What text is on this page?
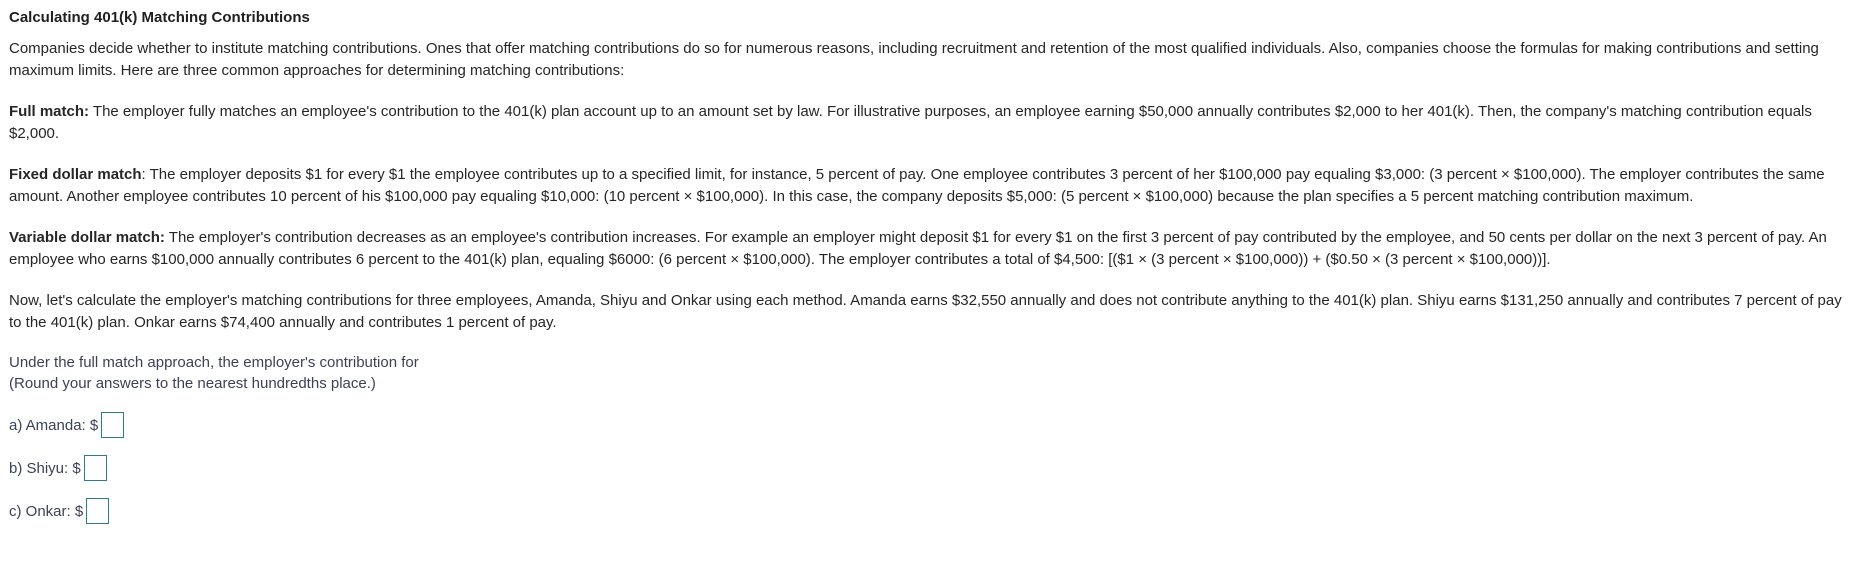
Calculating 401(k) Matching Contributions

Companies decide whether to institute matching contributions. Ones that offer matching contributions do so for numerous reasons, including recruitment and retention of the most qualified individuals. Also, companies choose the formulas for making contributions and setting maximum limits. Here are three common approaches for determining matching contributions:

Full match: The employer fully matches an employee's contribution to the 401(k) plan account up to an amount set by law. For illustrative purposes, an employee earning $50,000 annually contributes $2,000 to her 401(k). Then, the company's matching contribution equals $2,000.

Fixed dollar match: The employer deposits $1 for every $1 the employee contributes up to a specified limit, for instance, 5 percent of pay. One employee contributes 3 percent of her $100,000 pay equaling $3,000: (3 percent × $100,000). The employer contributes the same amount. Another employee contributes 10 percent of his $100,000 pay equaling $10,000: (10 percent × $100,000). In this case, the company deposits $5,000: (5 percent × $100,000) because the plan specifies a 5 percent matching contribution maximum.

Variable dollar match: The employer's contribution decreases as an employee's contribution increases. For example an employer might deposit $1 for every $1 on the first 3 percent of pay contributed by the employee, and 50 cents per dollar on the next 3 percent of pay. An employee who earns $100,000 annually contributes 6 percent to the 401(k) plan, equaling $6000: (6 percent × $100,000). The employer contributes a total of $4,500: [($1 × (3 percent × $100,000)) + ($0.50 × (3 percent × $100,000))].

Now, let's calculate the employer's matching contributions for three employees, Amanda, Shiyu and Onkar using each method. Amanda earns $32,550 annually and does not contribute anything to the 401(k) plan. Shiyu earns $131,250 annually and contributes 7 percent of pay to the 401(k) plan. Onkar earns $74,400 annually and contributes 1 percent of pay.

Under the full match approach, the employer's contribution for
(Round your answers to the nearest hundredths place.)
a) Amanda: $
b) Shiyu: $
c) Onkar: $
